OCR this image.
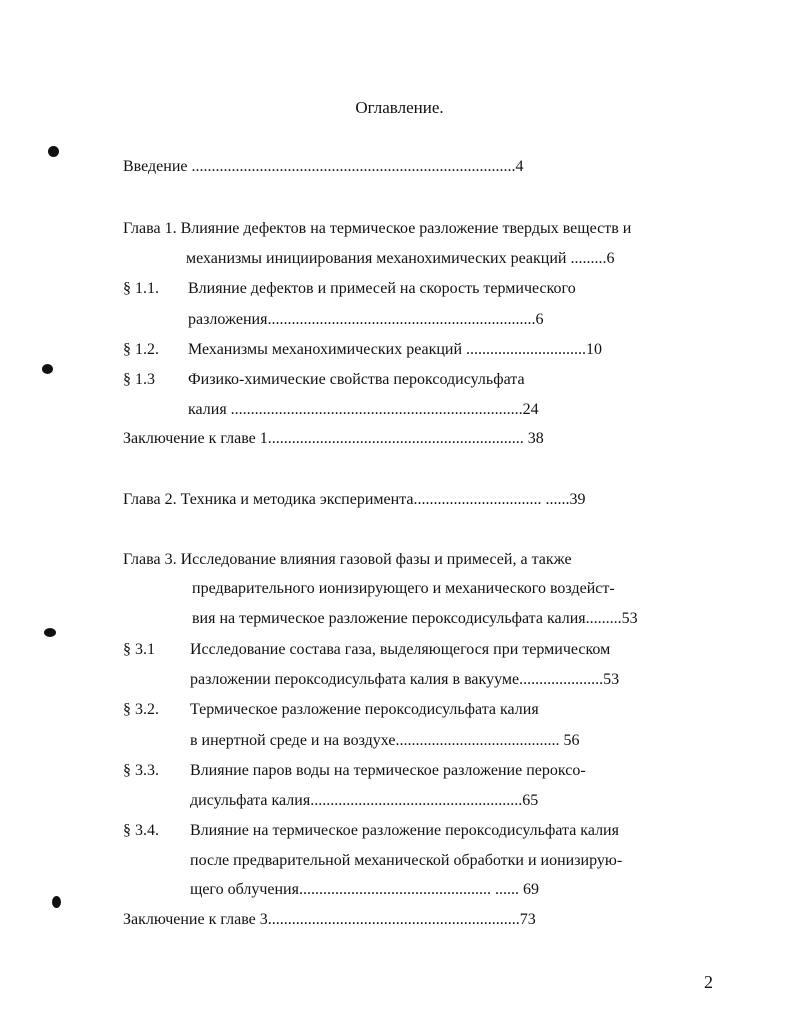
Оглавление.
Введение .................................................................................4
Глава 1. Влияние дефектов на термическое разложение твердых веществ и
механизмы инициирования механохимических реакций .........6
§ 1.1. Влияние дефектов и примесей на скорость термического
разложения...................................................................6
§ 1.2. Механизмы механохимических реакций ..............................10
§ 1.3 Физико-химические свойства пероксодисульфата
калия .........................................................................24
Заключение к главе 1................................................................ 38
Глава 2. Техника и методика эксперимента................................ ......39
Глава 3. Исследование влияния газовой фазы и примесей, а также
предварительного ионизирующего и механического воздейст-
вия на термическое разложение пероксодисульфата калия.........53
§ 3.1 Исследование состава газа, выделяющегося при термическом
разложении пероксодисульфата калия в вакууме.....................53
§ 3.2. Термическое разложение пероксодисульфата калия
в инертной среде и на воздухе......................................... 56
§ 3.3. Влияние паров воды на термическое разложение пероксо-
дисульфата калия.....................................................65
§ 3.4. Влияние на термическое разложение пероксодисульфата калия
после предварительной механической обработки и ионизирую-
щего облучения................................................ ...... 69
Заключение к главе 3...............................................................73
2
